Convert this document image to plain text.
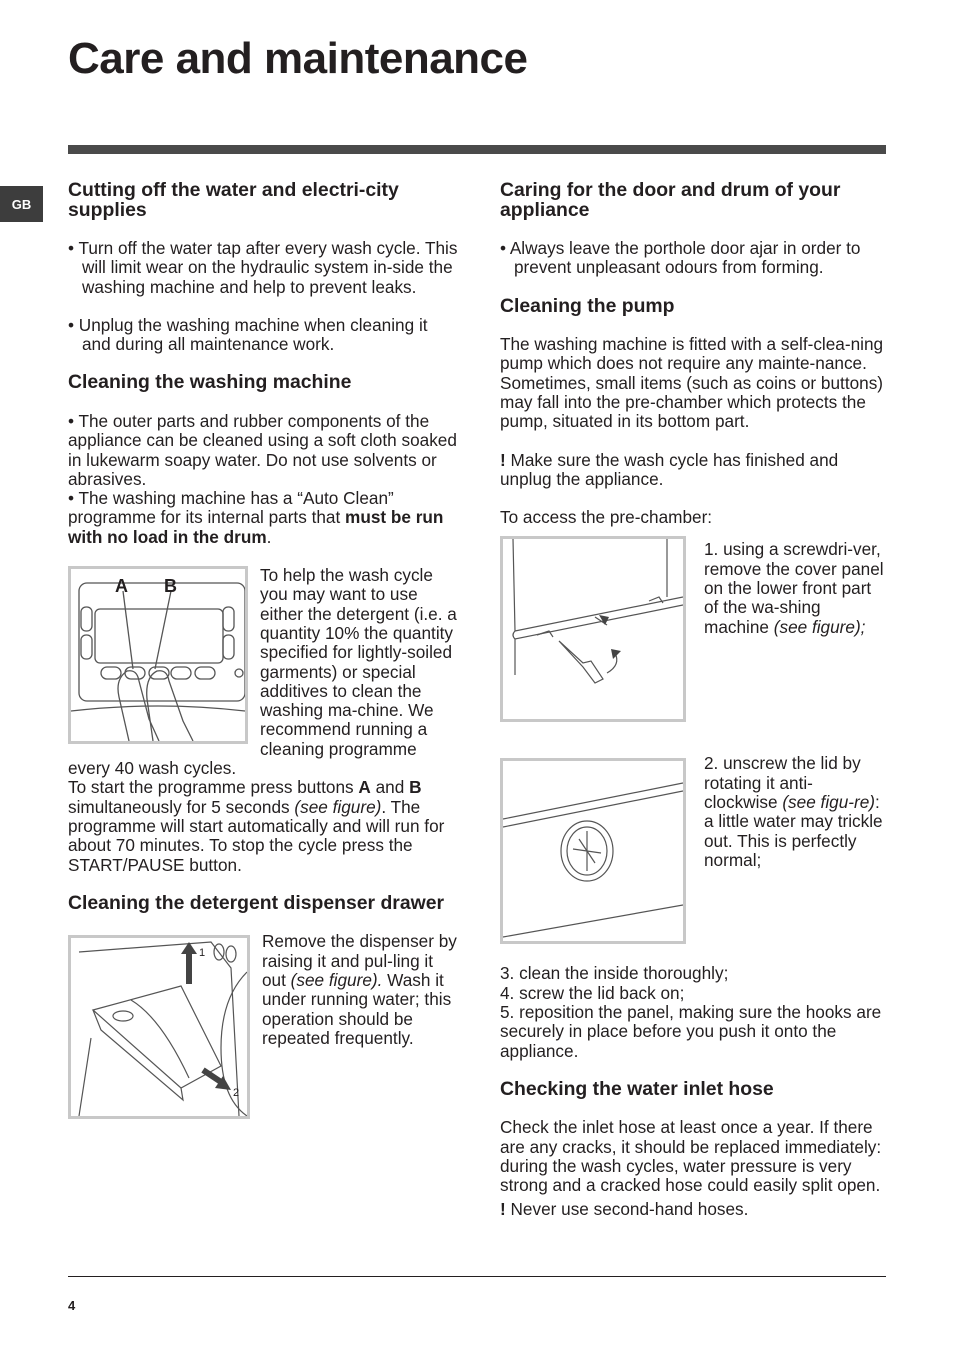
Care and maintenance
GB
Cutting off the water and electri-city supplies

• Turn off the water tap after every wash cycle. This will limit wear on the hydraulic system in-side the washing machine and help to prevent leaks.

• Unplug the washing machine when cleaning it and during all maintenance work.

Cleaning the washing machine

• The outer parts and rubber components of the appliance can be cleaned using a soft cloth soaked in lukewarm soapy water. Do not use solvents or abrasives.

• The washing machine has a “Auto Clean” programme for its internal parts that must be run with no load in the drum.

A B

To help the wash cycle you may want to use either the detergent (i.e. a quantity 10% the quantity specified for lightly-soiled garments) or special additives to clean the washing ma-chine. We recommend running a cleaning programme every 40 wash cycles.

To start the programme press buttons A and B simultaneously for 5 seconds (see figure). The programme will start automatically and will run for about 70 minutes. To stop the cycle press the START/PAUSE button.

Cleaning the detergent dispenser drawer
1
2

Remove the dispenser by raising it and pul-ling it out (see figure). Wash it under running water; this operation should be repeated frequently.

Caring for the door and drum of your appliance

• Always leave the porthole door ajar in order to prevent unpleasant odours from forming.

Cleaning the pump

The washing machine is fitted with a self-clea-ning pump which does not require any mainte-nance. Sometimes, small items (such as coins or buttons) may fall into the pre-chamber which protects the pump, situated in its bottom part.

! Make sure the wash cycle has finished and unplug the appliance.

To access the pre-chamber:

1. using a screwdri-ver, remove the cover panel on the lower front part of the wa-shing machine (see figure);

2. unscrew the lid by rotating it anti-clockwise (see figu-re): a little water may trickle out. This is perfectly normal;

3. clean the inside thoroughly;

4. screw the lid back on;

5. reposition the panel, making sure the hooks are securely in place before you push it onto the appliance.

Checking the water inlet hose

Check the inlet hose at least once a year. If there are any cracks, it should be replaced immediately: during the wash cycles, water pressure is very strong and a cracked hose could easily split open.

! Never use second-hand hoses.

4
